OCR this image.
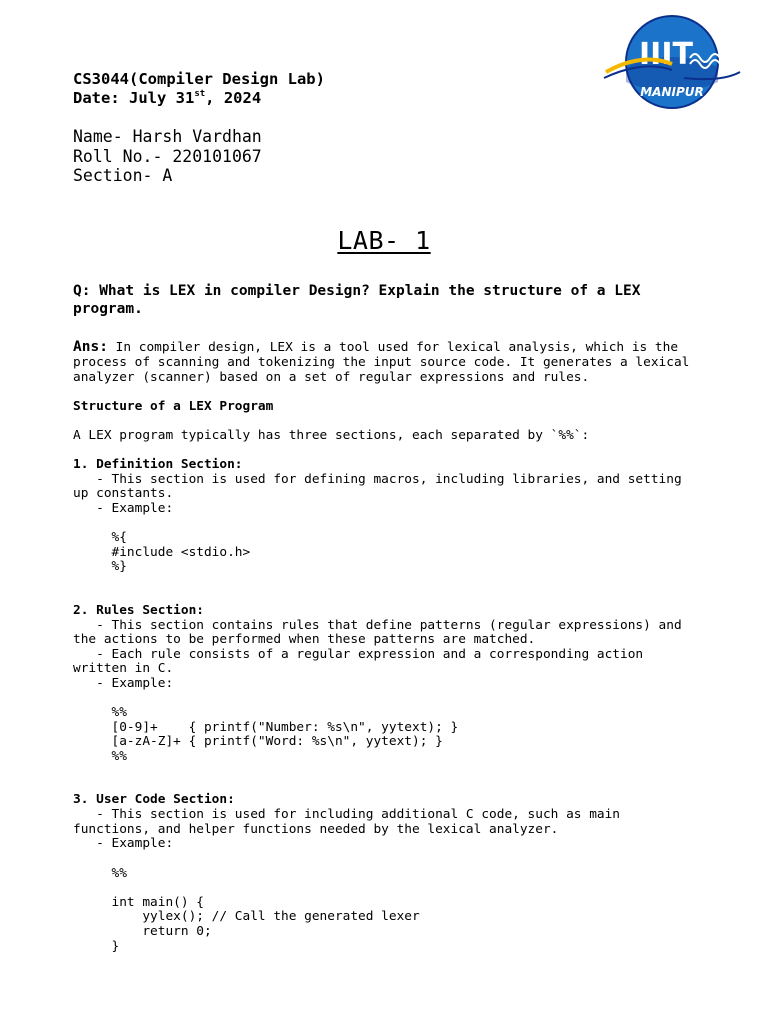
IIIT
MANIPUR
CS3044(Compiler Design Lab)
Date: July 31st, 2024
Name- Harsh Vardhan
Roll No.- 220101067
Section- A
LAB- 1
Q: What is LEX in compiler Design? Explain the structure of a LEX program.
Ans: In compiler design, LEX is a tool used for lexical analysis, which is the
process of scanning and tokenizing the input source code. It generates a lexical
analyzer (scanner) based on a set of regular expressions and rules.
Structure of a LEX Program
A LEX program typically has three sections, each separated by `%%`:
1. Definition Section:
- This section is used for defining macros, including libraries, and setting
up constants.
- Example:
%{
#include <stdio.h>
%}
2. Rules Section:
- This section contains rules that define patterns (regular expressions) and
the actions to be performed when these patterns are matched.
- Each rule consists of a regular expression and a corresponding action
written in C.
- Example:
%%
[0-9]+    { printf("Number: %s\n", yytext); }
[a-zA-Z]+ { printf("Word: %s\n", yytext); }
%%
3. User Code Section:
- This section is used for including additional C code, such as main
functions, and helper functions needed by the lexical analyzer.
- Example:
%%
int main() {
yylex(); // Call the generated lexer
return 0;
}
